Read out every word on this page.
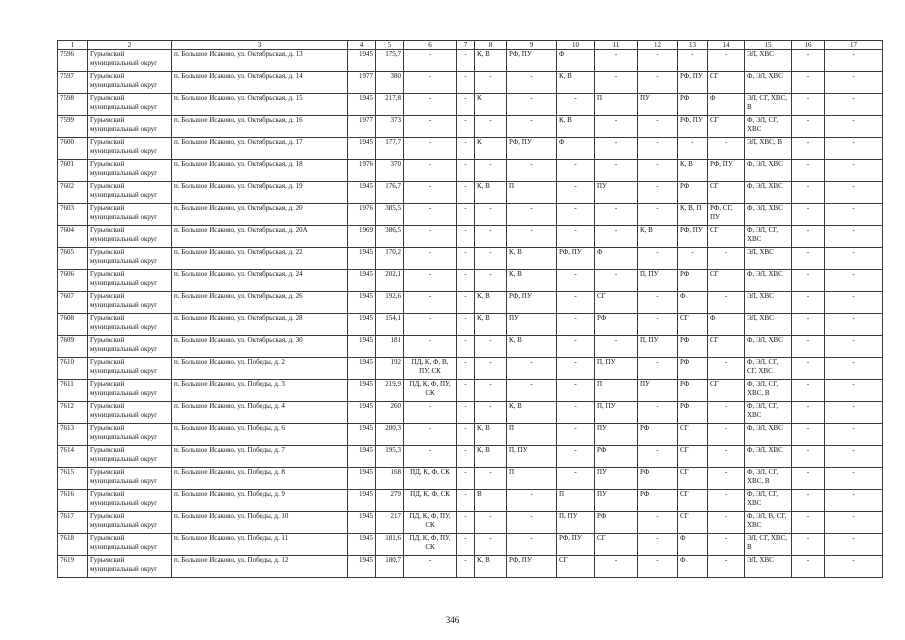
1	2	3	4	5	6	7	8	9	10	11	12	13	14	15	16	17
7596	Гурьевский муниципальный округ	п. Большое Исаково, ул. Октябрьская, д. 13	1945	175,7	-	-	К, В	РФ, ПУ	Ф	-	-	-	-	ЭЛ, ХВС	-	-
7597	Гурьевский муниципальный округ	п. Большое Исаково, ул. Октябрьская, д. 14	1977	380	-	-	-	-	К, В	-	-	РФ, ПУ	СГ	Ф, ЭЛ, ХВС	-	-
7598	Гурьевский муниципальный округ	п. Большое Исаково, ул. Октябрьская, д. 15	1945	217,8	-	-	К	-	-	П	ПУ	РФ	Ф	ЭЛ, СГ, ХВС, В	-	-
7599	Гурьевский муниципальный округ	п. Большое Исаково, ул. Октябрьская, д. 16	1977	373	-	-	-	-	К, В	-	-	РФ, ПУ	СГ	Ф, ЭЛ, СГ, ХВС	-	-
7600	Гурьевский муниципальный округ	п. Большое Исаково, ул. Октябрьская, д. 17	1945	177,7	-	-	К	РФ, ПУ	Ф	-	-	-	-	ЭЛ, ХВС, В	-	-
7601	Гурьевский муниципальный округ	п. Большое Исаково, ул. Октябрьская, д. 18	1976	370	-	-	-	-	-	-	-	К, В	РФ, ПУ	Ф, ЭЛ, ХВС	-	-
7602	Гурьевский муниципальный округ	п. Большое Исаково, ул. Октябрьская, д. 19	1945	176,7	-	-	К, В	П	-	ПУ	-	РФ	СГ	Ф, ЭЛ, ХВС	-	-
7603	Гурьевский муниципальный округ	п. Большое Исаково, ул. Октябрьская, д. 20	1976	385,5	-	-	-	-	-	-	-	К, В, П	РФ, СГ, ПУ	Ф, ЭЛ, ХВС	-	-
7604	Гурьевский муниципальный округ	п. Большое Исаково, ул. Октябрьская, д. 20А	1969	386,5	-	-	-	-	-	-	К, В	РФ, ПУ	СГ	Ф, ЭЛ, СГ, ХВС	-	-
7605	Гурьевский муниципальный округ	п. Большое Исаково, ул. Октябрьская, д. 22	1945	170,2	-	-	-	К, В	РФ, ПУ	Ф	-	-	-	ЭЛ, ХВС	-	-
7606	Гурьевский муниципальный округ	п. Большое Исаково, ул. Октябрьская, д. 24	1945	202,1	-	-	-	К, В	-	-	П, ПУ	РФ	СГ	Ф, ЭЛ, ХВС	-	-
7607	Гурьевский муниципальный округ	п. Большое Исаково, ул. Октябрьская, д. 26	1945	192,6	-	-	К, В	РФ, ПУ	-	СГ	-	Ф	-	ЭЛ, ХВС	-	-
7608	Гурьевский муниципальный округ	п. Большое Исаково, ул. Октябрьская, д. 28	1945	154,1	-	-	К, В	ПУ	-	РФ	-	СГ	Ф	ЭЛ, ХВС	-	-
7609	Гурьевский муниципальный округ	п. Большое Исаково, ул. Октябрьская, д. 30	1945	181	-	-	-	К, В	-	-	П, ПУ	РФ	СГ	Ф, ЭЛ, ХВС	-	-
7610	Гурьевский муниципальный округ	п. Большое Исаково, ул. Победы, д. 2	1945	192	ПД, К, Ф, В, ПУ, СК	-	-	-	-	П, ПУ	-	РФ	-	Ф, ЭЛ, СГ, СГ, ХВС	-	-
7611	Гурьевский муниципальный округ	п. Большое Исаково, ул. Победы, д. 3	1945	219,9	ПД, К, Ф, ПУ, СК	-	-	-	-	П	ПУ	РФ	СГ	Ф, ЭЛ, СГ, ХВС, В	-	-
7612	Гурьевский муниципальный округ	п. Большое Исаково, ул. Победы, д. 4	1945	260	-	-	-	К, В	-	П, ПУ	-	РФ	-	Ф, ЭЛ, СГ, ХВС	-	-
7613	Гурьевский муниципальный округ	п. Большое Исаково, ул. Победы, д. 6	1945	200,3	-	-	К, В	П	-	ПУ	РФ	СГ	-	Ф, ЭЛ, ХВС	-	-
7614	Гурьевский муниципальный округ	п. Большое Исаково, ул. Победы, д. 7	1945	195,3	-	-	К, В	П, ПУ	-	РФ	-	СГ	-	Ф, ЭЛ, ХВС	-	-
7615	Гурьевский муниципальный округ	п. Большое Исаково, ул. Победы, д. 8	1945	168	ПД, К, Ф, СК	-	-	П	-	ПУ	РФ	СГ	-	Ф, ЭЛ, СГ, ХВС, В	-	-
7616	Гурьевский муниципальный округ	п. Большое Исаково, ул. Победы, д. 9	1945	279	ПД, К, Ф, СК	-	В	-	П	ПУ	РФ	СГ	-	Ф, ЭЛ, СГ, ХВС	-	-
7617	Гурьевский муниципальный округ	п. Большое Исаково, ул. Победы, д. 10	1945	217	ПД, К, Ф, ПУ, СК	-	-	-	П, ПУ	РФ	-	СГ	-	Ф, ЭЛ, В, СГ, ХВС	-	-
7618	Гурьевский муниципальный округ	п. Большое Исаково, ул. Победы, д. 11	1945	181,6	ПД, К, Ф, ПУ, СК	-	-	-	РФ, ПУ	СГ	-	Ф	-	ЭЛ, СГ, ХВС, В	-	-
7619	Гурьевский муниципальный округ	п. Большое Исаково, ул. Победы, д. 12	1945	180,7	-	-	К, В	РФ, ПУ	СГ	-	-	Ф	-	ЭЛ, ХВС	-	-
346
